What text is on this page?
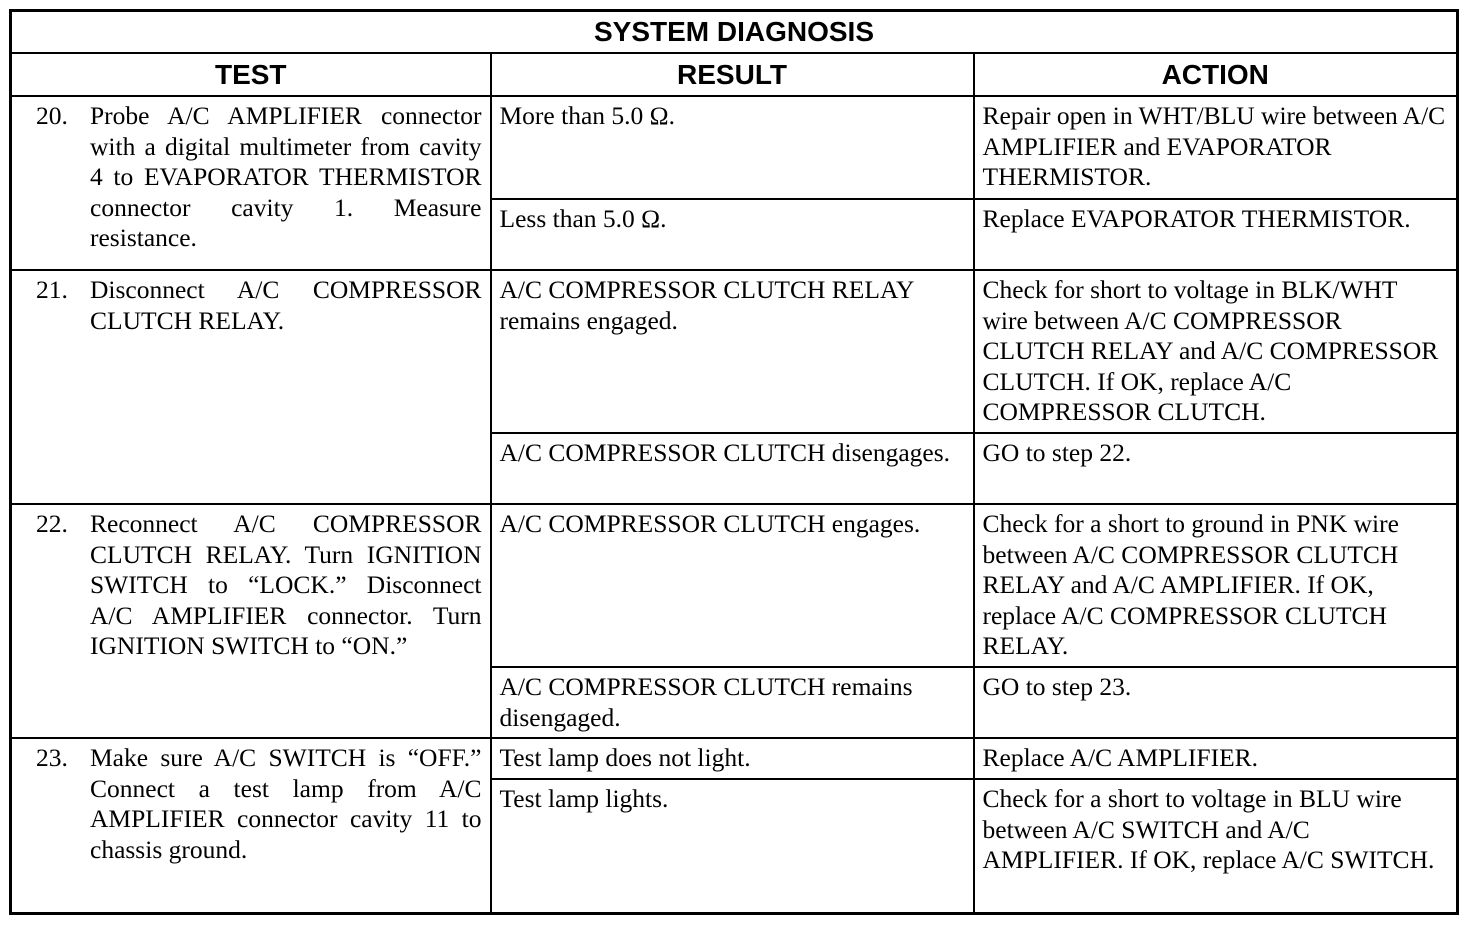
SYSTEM DIAGNOSIS		
TEST	RESULT	ACTION

20. Probe A/C AMPLIFIER connector with a digital multimeter from cavity 4 to EVAPORATOR THERMISTOR connector cavity 1. Measure resistance.	More than 5.0 Ω.	Repair open in WHT/BLU wire between A/C AMPLIFIER and EVAPORATOR THERMISTOR.
	Less than 5.0 Ω.	Replace EVAPORATOR THERMISTOR.

21. Disconnect A/C COMPRESSOR CLUTCH RELAY.	A/C COMPRESSOR CLUTCH RELAY remains engaged.	Check for short to voltage in BLK/WHT wire between A/C COMPRESSOR CLUTCH RELAY and A/C COMPRESSOR CLUTCH. If OK, replace A/C COMPRESSOR CLUTCH.
	A/C COMPRESSOR CLUTCH disengages.	GO to step 22.

22. Reconnect A/C COMPRESSOR CLUTCH RELAY. Turn IGNITION SWITCH to “LOCK.” Disconnect A/C AMPLIFIER connector. Turn IGNITION SWITCH to “ON.”	A/C COMPRESSOR CLUTCH engages.	Check for a short to ground in PNK wire between A/C COMPRESSOR CLUTCH RELAY and A/C AMPLIFIER. If OK, replace A/C COMPRESSOR CLUTCH RELAY.
	A/C COMPRESSOR CLUTCH remains disengaged.	GO to step 23.

23. Make sure A/C SWITCH is “OFF.” Connect a test lamp from A/C AMPLIFIER connector cavity 11 to chassis ground.	Test lamp does not light.	Replace A/C AMPLIFIER.
	Test lamp lights.	Check for a short to voltage in BLU wire between A/C SWITCH and A/C AMPLIFIER. If OK, replace A/C SWITCH.
